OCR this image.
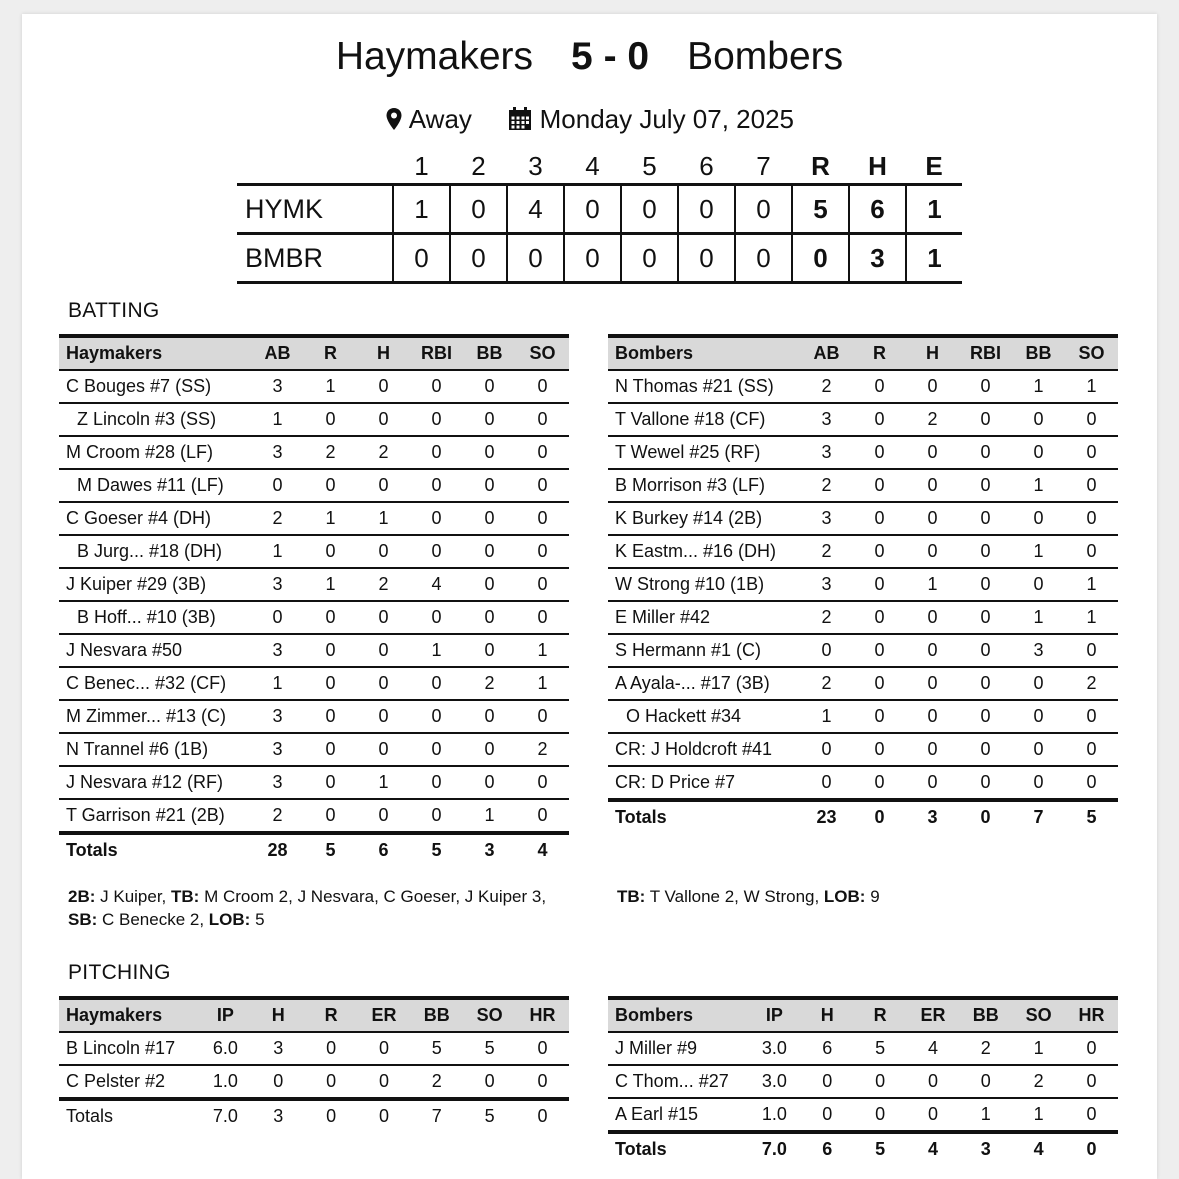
Haymakers 5 - 0 Bombers
Away	Monday July 07, 2025
	1	2	3	4	5	6	7	R	H	E
HYMK	1	0	4	0	0	0	0	5	6	1
BMBR	0	0	0	0	0	0	0	0	3	1
BATTING
Haymakers	AB	R	H	RBI	BB	SO
C Bouges #7 (SS)	3	1	0	0	0	0
Z Lincoln #3 (SS)	1	0	0	0	0	0
M Croom #28 (LF)	3	2	2	0	0	0
M Dawes #11 (LF)	0	0	0	0	0	0
C Goeser #4 (DH)	2	1	1	0	0	0
B Jurg... #18 (DH)	1	0	0	0	0	0
J Kuiper #29 (3B)	3	1	2	4	0	0
B Hoff... #10 (3B)	0	0	0	0	0	0
J Nesvara #50	3	0	0	1	0	1
C Benec... #32 (CF)	1	0	0	0	2	1
M Zimmer... #13 (C)	3	0	0	0	0	0
N Trannel #6 (1B)	3	0	0	0	0	2
J Nesvara #12 (RF)	3	0	1	0	0	0
T Garrison #21 (2B)	2	0	0	0	1	0
Totals	28	5	6	5	3	4
Bombers	AB	R	H	RBI	BB	SO
N Thomas #21 (SS)	2	0	0	0	1	1
T Vallone #18 (CF)	3	0	2	0	0	0
T Wewel #25 (RF)	3	0	0	0	0	0
B Morrison #3 (LF)	2	0	0	0	1	0
K Burkey #14 (2B)	3	0	0	0	0	0
K Eastm... #16 (DH)	2	0	0	0	1	0
W Strong #10 (1B)	3	0	1	0	0	1
E Miller #42	2	0	0	0	1	1
S Hermann #1 (C)	0	0	0	0	3	0
A Ayala-... #17 (3B)	2	0	0	0	0	2
O Hackett #34	1	0	0	0	0	0
CR: J Holdcroft #41	0	0	0	0	0	0
CR: D Price #7	0	0	0	0	0	0
Totals	23	0	3	0	7	5
2B: J Kuiper, TB: M Croom 2, J Nesvara, C Goeser, J Kuiper 3, SB: C Benecke 2, LOB: 5
TB: T Vallone 2, W Strong, LOB: 9
PITCHING
Haymakers	IP	H	R	ER	BB	SO	HR
B Lincoln #17	6.0	3	0	0	5	5	0
C Pelster #2	1.0	0	0	0	2	0	0
Totals	7.0	3	0	0	7	5	0
Bombers	IP	H	R	ER	BB	SO	HR
J Miller #9	3.0	6	5	4	2	1	0
C Thom... #27	3.0	0	0	0	0	2	0
A Earl #15	1.0	0	0	0	1	1	0
Totals	7.0	6	5	4	3	4	0
